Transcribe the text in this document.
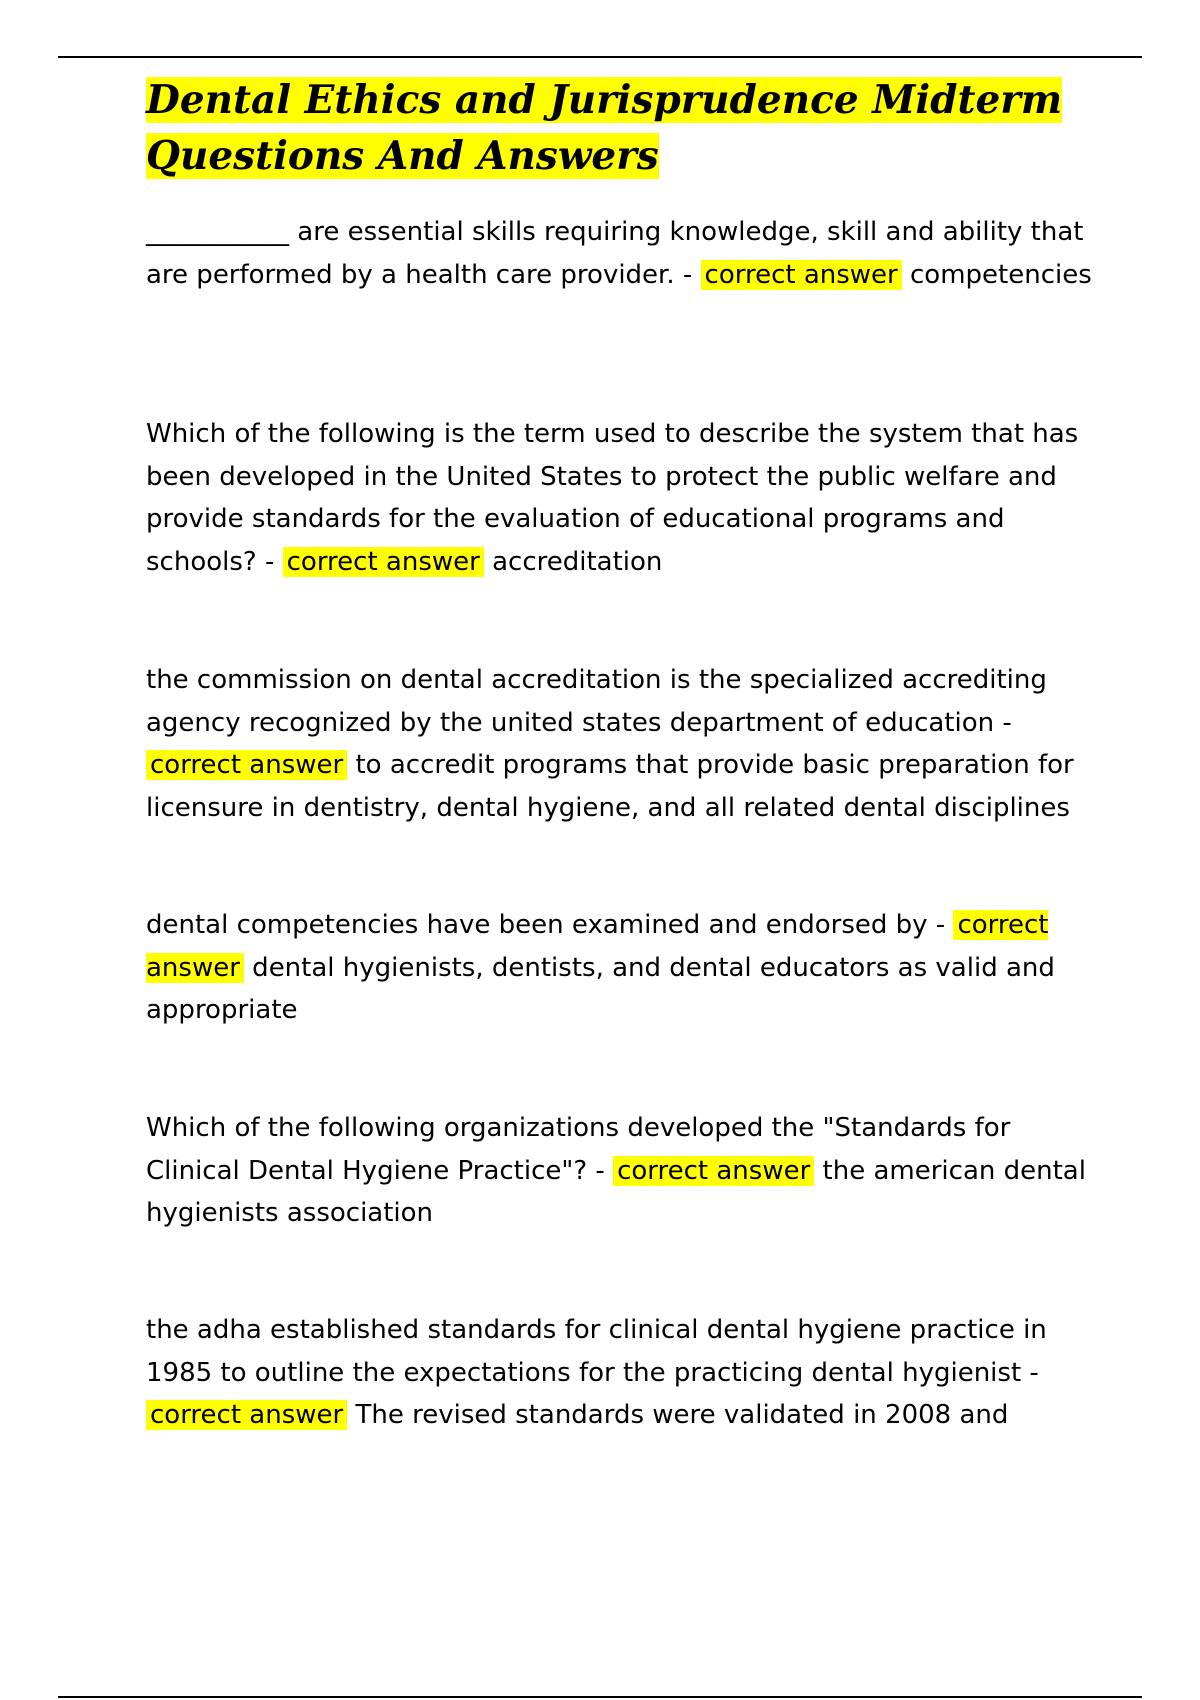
Dental Ethics and Jurisprudence Midterm
Questions And Answers

___________ are essential skills requiring knowledge, skill and ability that are performed by a health care provider. - correct answer competencies

Which of the following is the term used to describe the system that has been developed in the United States to protect the public welfare and provide standards for the evaluation of educational programs and schools? - correct answer accreditation

the commission on dental accreditation is the specialized accrediting agency recognized by the united states department of education - correct answer to accredit programs that provide basic preparation for licensure in dentistry, dental hygiene, and all related dental disciplines

dental competencies have been examined and endorsed by - correct answer dental hygienists, dentists, and dental educators as valid and appropriate

Which of the following organizations developed the "Standards for Clinical Dental Hygiene Practice"? - correct answer the american dental hygienists association

the adha established standards for clinical dental hygiene practice in 1985 to outline the expectations for the practicing dental hygienist - correct answer The revised standards were validated in 2008 and
